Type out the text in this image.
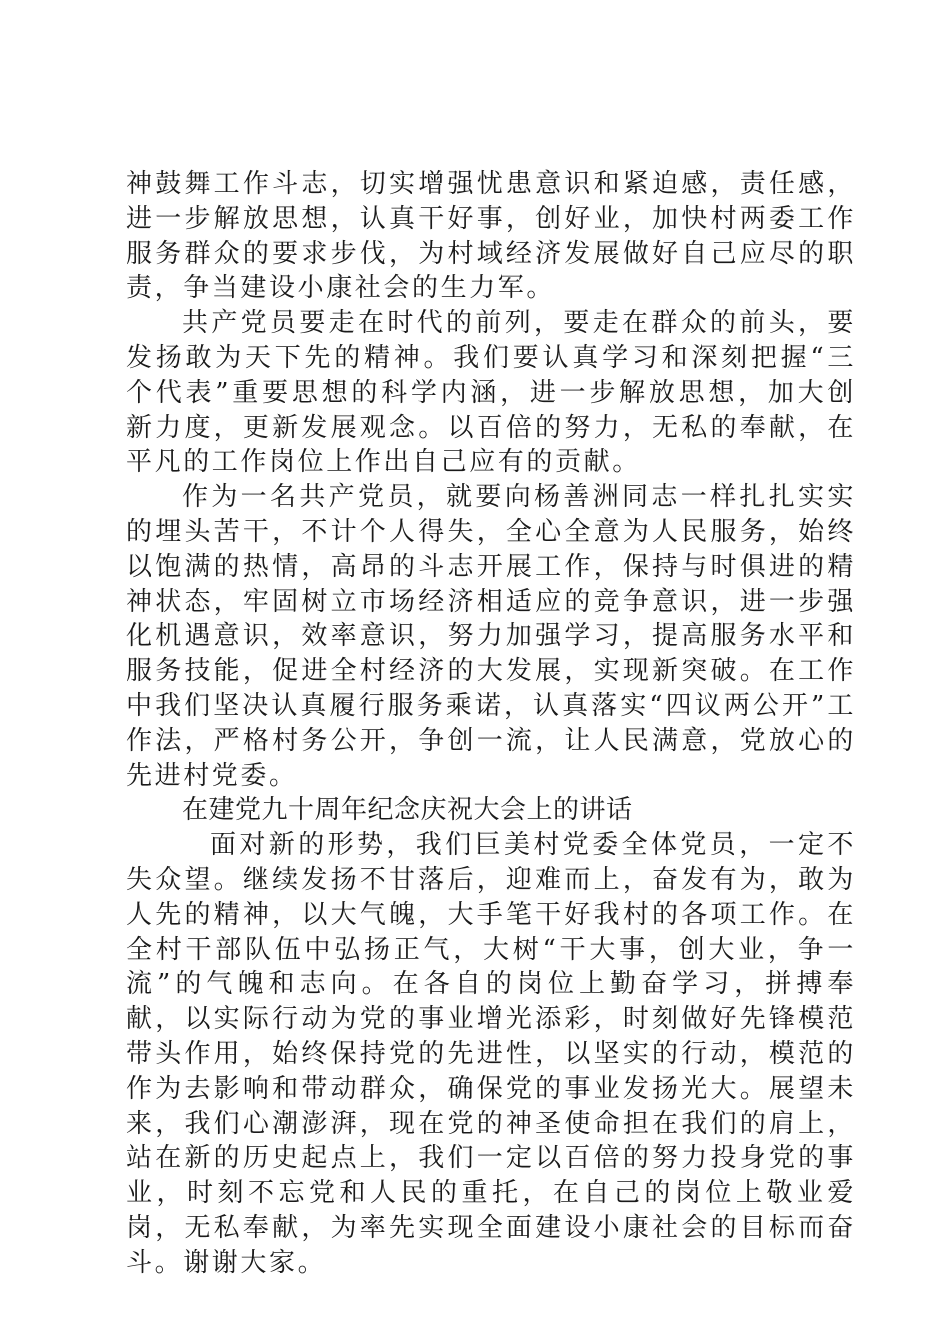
神鼓舞工作斗志，切实增强忧患意识和紧迫感，责任感，进一步解放思想，认真干好事，创好业，加快村两委工作服务群众的要求步伐，为村域经济发展做好自己应尽的职责，争当建设小康社会的生力军。

共产党员要走在时代的前列，要走在群众的前头，要发扬敢为天下先的精神。我们要认真学习和深刻把握“三个代表”重要思想的科学内涵，进一步解放思想，加大创新力度，更新发展观念。以百倍的努力，无私的奉献，在平凡的工作岗位上作出自己应有的贡献。

作为一名共产党员，就要向杨善洲同志一样扎扎实实的埋头苦干，不计个人得失，全心全意为人民服务，始终以饱满的热情，高昂的斗志开展工作，保持与时俱进的精神状态，牢固树立市场经济相适应的竞争意识，进一步强化机遇意识，效率意识，努力加强学习，提高服务水平和服务技能，促进全村经济的大发展，实现新突破。在工作中我们坚决认真履行服务乘诺，认真落实“四议两公开”工作法，严格村务公开，争创一流，让人民满意，党放心的先进村党委。

在建党九十周年纪念庆祝大会上的讲话

面对新的形势，我们巨美村党委全体党员，一定不失众望。继续发扬不甘落后，迎难而上，奋发有为，敢为人先的精神，以大气魄，大手笔干好我村的各项工作。在全村干部队伍中弘扬正气，大树“干大事，创大业，争一流”的气魄和志向。在各自的岗位上勤奋学习，拼搏奉献，以实际行动为党的事业增光添彩，时刻做好先锋模范带头作用，始终保持党的先进性，以坚实的行动，模范的作为去影响和带动群众，确保党的事业发扬光大。展望未来，我们心潮澎湃，现在党的神圣使命担在我们的肩上，站在新的历史起点上，我们一定以百倍的努力投身党的事业，时刻不忘党和人民的重托，在自己的岗位上敬业爱岗，无私奉献，为率先实现全面建设小康社会的目标而奋斗。谢谢大家。
